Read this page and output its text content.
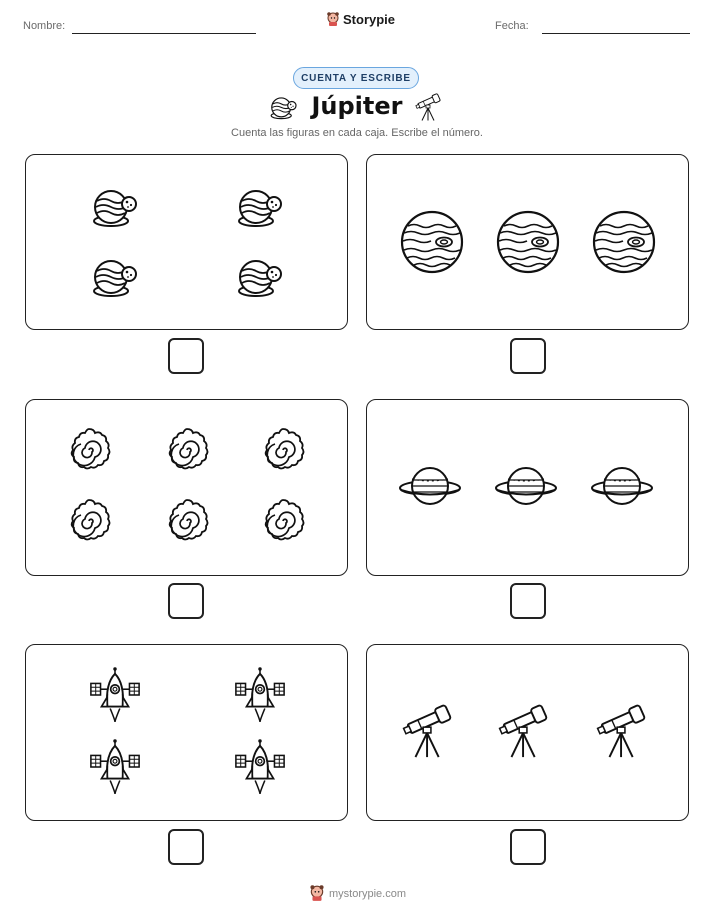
Nombre:	Storypie	Fecha:
CUENTA Y ESCRIBE
Júpiter
Cuenta las figuras en cada caja. Escribe el número.
mystorypie.com
